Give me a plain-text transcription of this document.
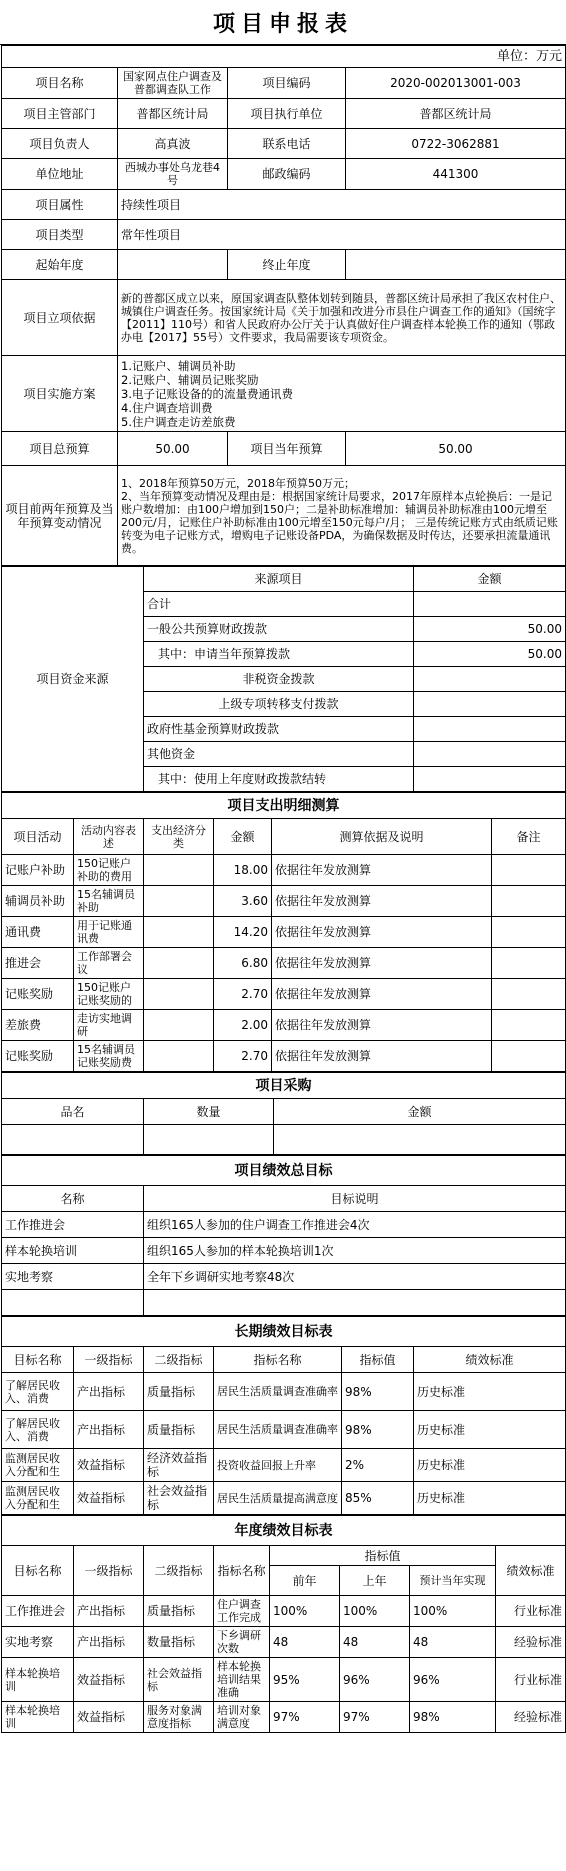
项目申报表
单位：万元			
项目名称	国家网点住户调查及普都调查队工作	项目编码	2020-002013001-003
项目主管部门	普都区统计局	项目执行单位	普都区统计局
项目负责人	高真波	联系电话	0722-3062881
单位地址	西城办事处乌龙巷4号	邮政编码	441300
项目属性	持续性项目		
项目类型	常年性项目		
起始年度		终止年度	
项目立项依据	新的普都区成立以来，原国家调查队整体划转到随县，普都区统计局承担了我区农村住户、城镇住户调查任务。按国家统计局《关于加强和改进分市县住户调查工作的通知》（国统字【2011】110号）和省人民政府办公厅关于认真做好住户调查样本轮换工作的通知（鄂政办电【2017】55号）文件要求，我局需要该专项资金。		
项目实施方案	1.记账户、辅调员补助
2.记账户、辅调员记账奖励
3.电子记账设备的的流量费通讯费
4.住户调查培训费
5.住户调查走访差旅费		

项目总预算	50.00	项目当年预算	50.00
项目前两年预算及当年预算变动情况	1、2018年预算50万元，2018年预算50万元；
2、当年预算变动情况及理由是：根据国家统计局要求，2017年原样本点轮换后：一是记账户数增加：由100户增加到150户；二是补助标准增加：辅调员补助标准由100元增至200元/月，记账住户补助标准由100元增至150元每户/月； 三是传统记账方式由纸质记账转变为电子记账方式，增购电子记账设备PDA，为确保数据及时传达，还要承担流量通讯费。		
项目资金来源	来源项目	金额
	合计	
	一般公共预算财政拨款	50.00
	其中：申请当年预算拨款	50.00
	非税资金拨款	
	上级专项转移支付拨款	
	政府性基金预算财政拨款	
	其他资金	
	其中：使用上年度财政拨款结转	
项目支出明细测算					
项目活动	活动内容表述	支出经济分类	金额	测算依据及说明	备注
记账户补助	150记账户补助的费用		18.00	依据往年发放测算	
辅调员补助	15名辅调员补助		3.60	依据往年发放测算	
通讯费	用于记账通讯费		14.20	依据往年发放测算	
推进会	工作部署会议		6.80	依据往年发放测算	
记账奖励	150记账户记账奖励的		2.70	依据往年发放测算	
差旅费	走访实地调研		2.00	依据往年发放测算	
记账奖励	15名辅调员记账奖励费		2.70	依据往年发放测算	
项目采购		
品名	数量	金额

项目绩效总目标	
名称	目标说明
工作推进会	组织165人参加的住户调查工作推进会4次
样本轮换培训	组织165人参加的样本轮换培训1次
实地考察	全年下乡调研实地考察48次

长期绩效目标表					
目标名称	一级指标	二级指标	指标名称	指标值	绩效标准
了解居民收入、消费	产出指标	质量指标	居民生活质量调查准确率	98%	历史标准
了解居民收入、消费	产出指标	质量指标	居民生活质量调查准确率	98%	历史标准
监测居民收入分配和生	效益指标	经济效益指标	投资收益回报上升率	2%	历史标准
监测居民收入分配和生	效益指标	社会效益指标	居民生活质量提高满意度	85%	历史标准
年度绩效目标表							
目标名称	一级指标	二级指标	指标名称	指标值			绩效标准
				前年	上年	预计当年实现	
工作推进会	产出指标	质量指标	住户调查工作完成	100%	100%	100%	行业标准
实地考察	产出指标	数量指标	下乡调研次数	48	48	48	经验标准
样本轮换培训	效益指标	社会效益指标	样本轮换培训结果准确	95%	96%	96%	行业标准
样本轮换培训	效益指标	服务对象满意度指标	培训对象满意度	97%	97%	98%	经验标准
